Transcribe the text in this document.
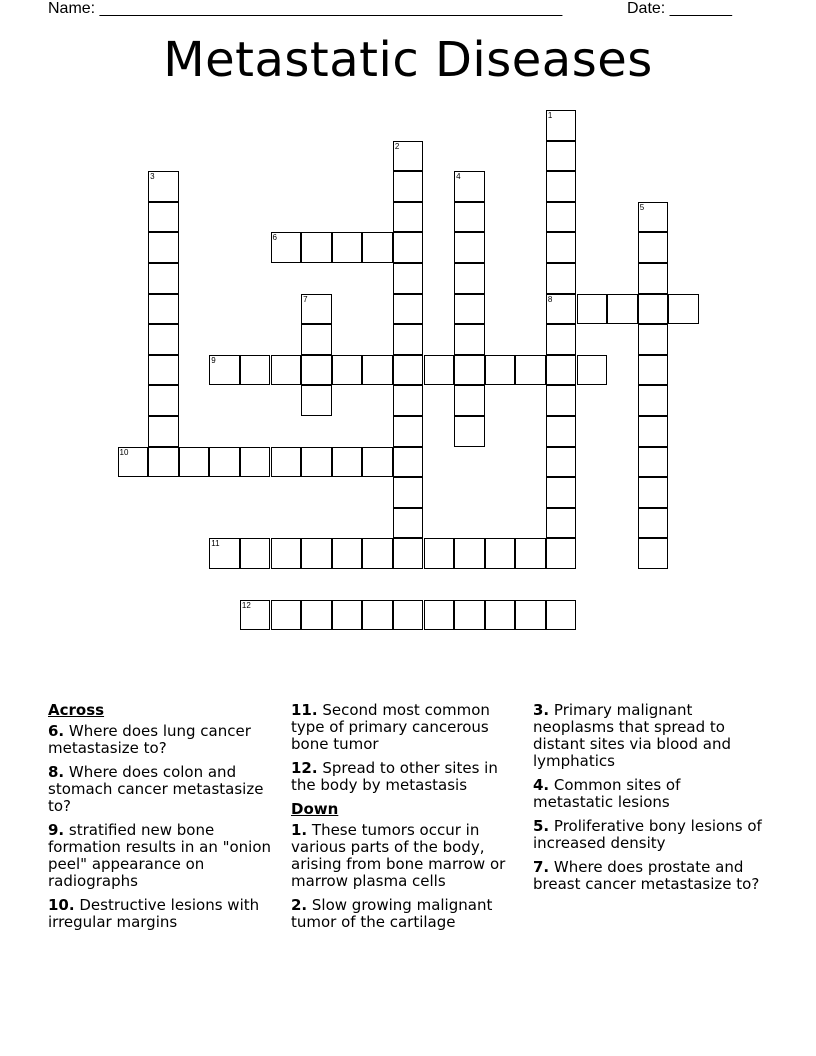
Name: ____________________________________________________	Date: _______
Metastatic Diseases
1
8
2
3	4
5
6
7
9
10
11
12
Across
6. Where does lung cancer metastasize to?
8. Where does colon and stomach cancer metastasize to?
9. stratified new bone formation results in an "onion peel" appearance on radiographs
10. Destructive lesions with irregular margins
11. Second most common type of primary cancerous bone tumor
12. Spread to other sites in the body by metastasis
Down
1. These tumors occur in various parts of the body, arising from bone marrow or marrow plasma cells
2. Slow growing malignant tumor of the cartilage
3. Primary malignant neoplasms that spread to distant sites via blood and lymphatics
4. Common sites of metastatic lesions
5. Proliferative bony lesions of increased density
7. Where does prostate and breast cancer metastasize to?
